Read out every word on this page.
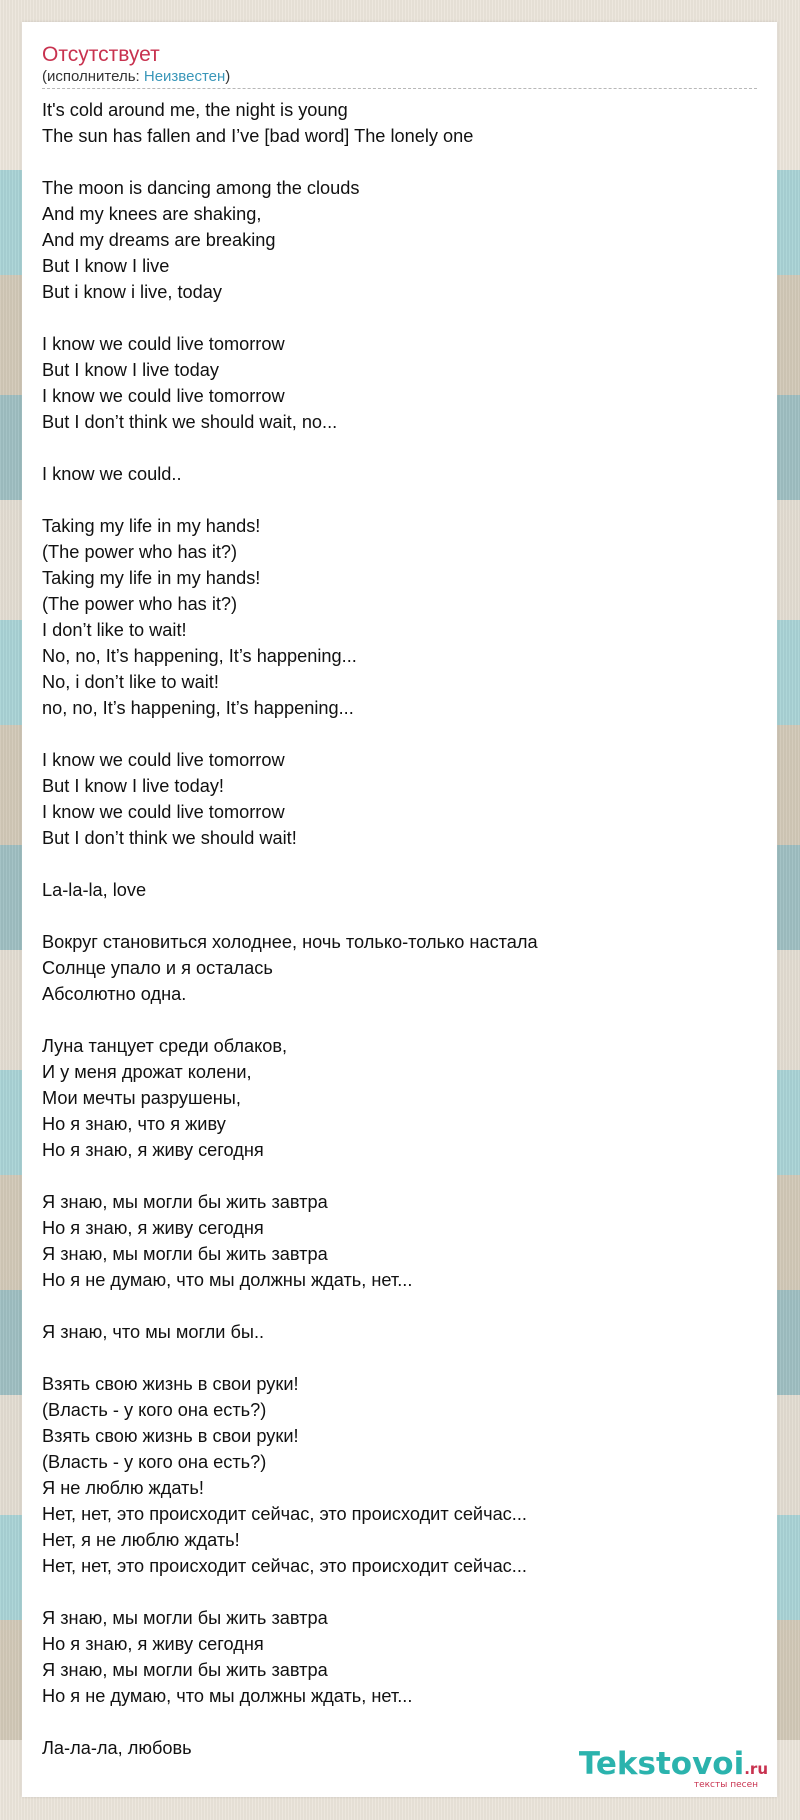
Отсутствует
(исполнитель: Неизвестен)
It's cold around me, the night is young
The sun has fallen and I’ve [bad word] The lonely one
The moon is dancing among the clouds
And my knees are shaking,
And my dreams are breaking
But I know I live
But i know i live, today
I know we could live tomorrow
But I know I live today
I know we could live tomorrow
But I don’t think we should wait, no...
I know we could..
Taking my life in my hands!
(The power who has it?)
Taking my life in my hands!
(The power who has it?)
I don’t like to wait!
No, no, It’s happening, It’s happening...
No, i don’t like to wait!
no, no, It’s happening, It’s happening...
I know we could live tomorrow
But I know I live today!
I know we could live tomorrow
But I don’t think we should wait!
La-la-la, love
Вокруг становиться холоднее, ночь только-только настала
Солнце упало и я осталась
Абсолютно одна.
Луна танцует среди облаков,
И у меня дрожат колени,
Мои мечты разрушены,
Но я знаю, что я живу
Но я знаю, я живу сегодня
Я знаю, мы могли бы жить завтра
Но я знаю, я живу сегодня
Я знаю, мы могли бы жить завтра
Но я не думаю, что мы должны ждать, нет...
Я знаю, что мы могли бы..
Взять свою жизнь в свои руки!
(Власть - у кого она есть?)
Взять свою жизнь в свои руки!
(Власть - у кого она есть?)
Я не люблю ждать!
Нет, нет, это происходит сейчас, это происходит сейчас...
Нет, я не люблю ждать!
Нет, нет, это происходит сейчас, это происходит сейчас...
Я знаю, мы могли бы жить завтра
Но я знаю, я живу сегодня
Я знаю, мы могли бы жить завтра
Но я не думаю, что мы должны ждать, нет...
Ла-ла-ла, любовь	Tekstovoi.ru
тексты песен
